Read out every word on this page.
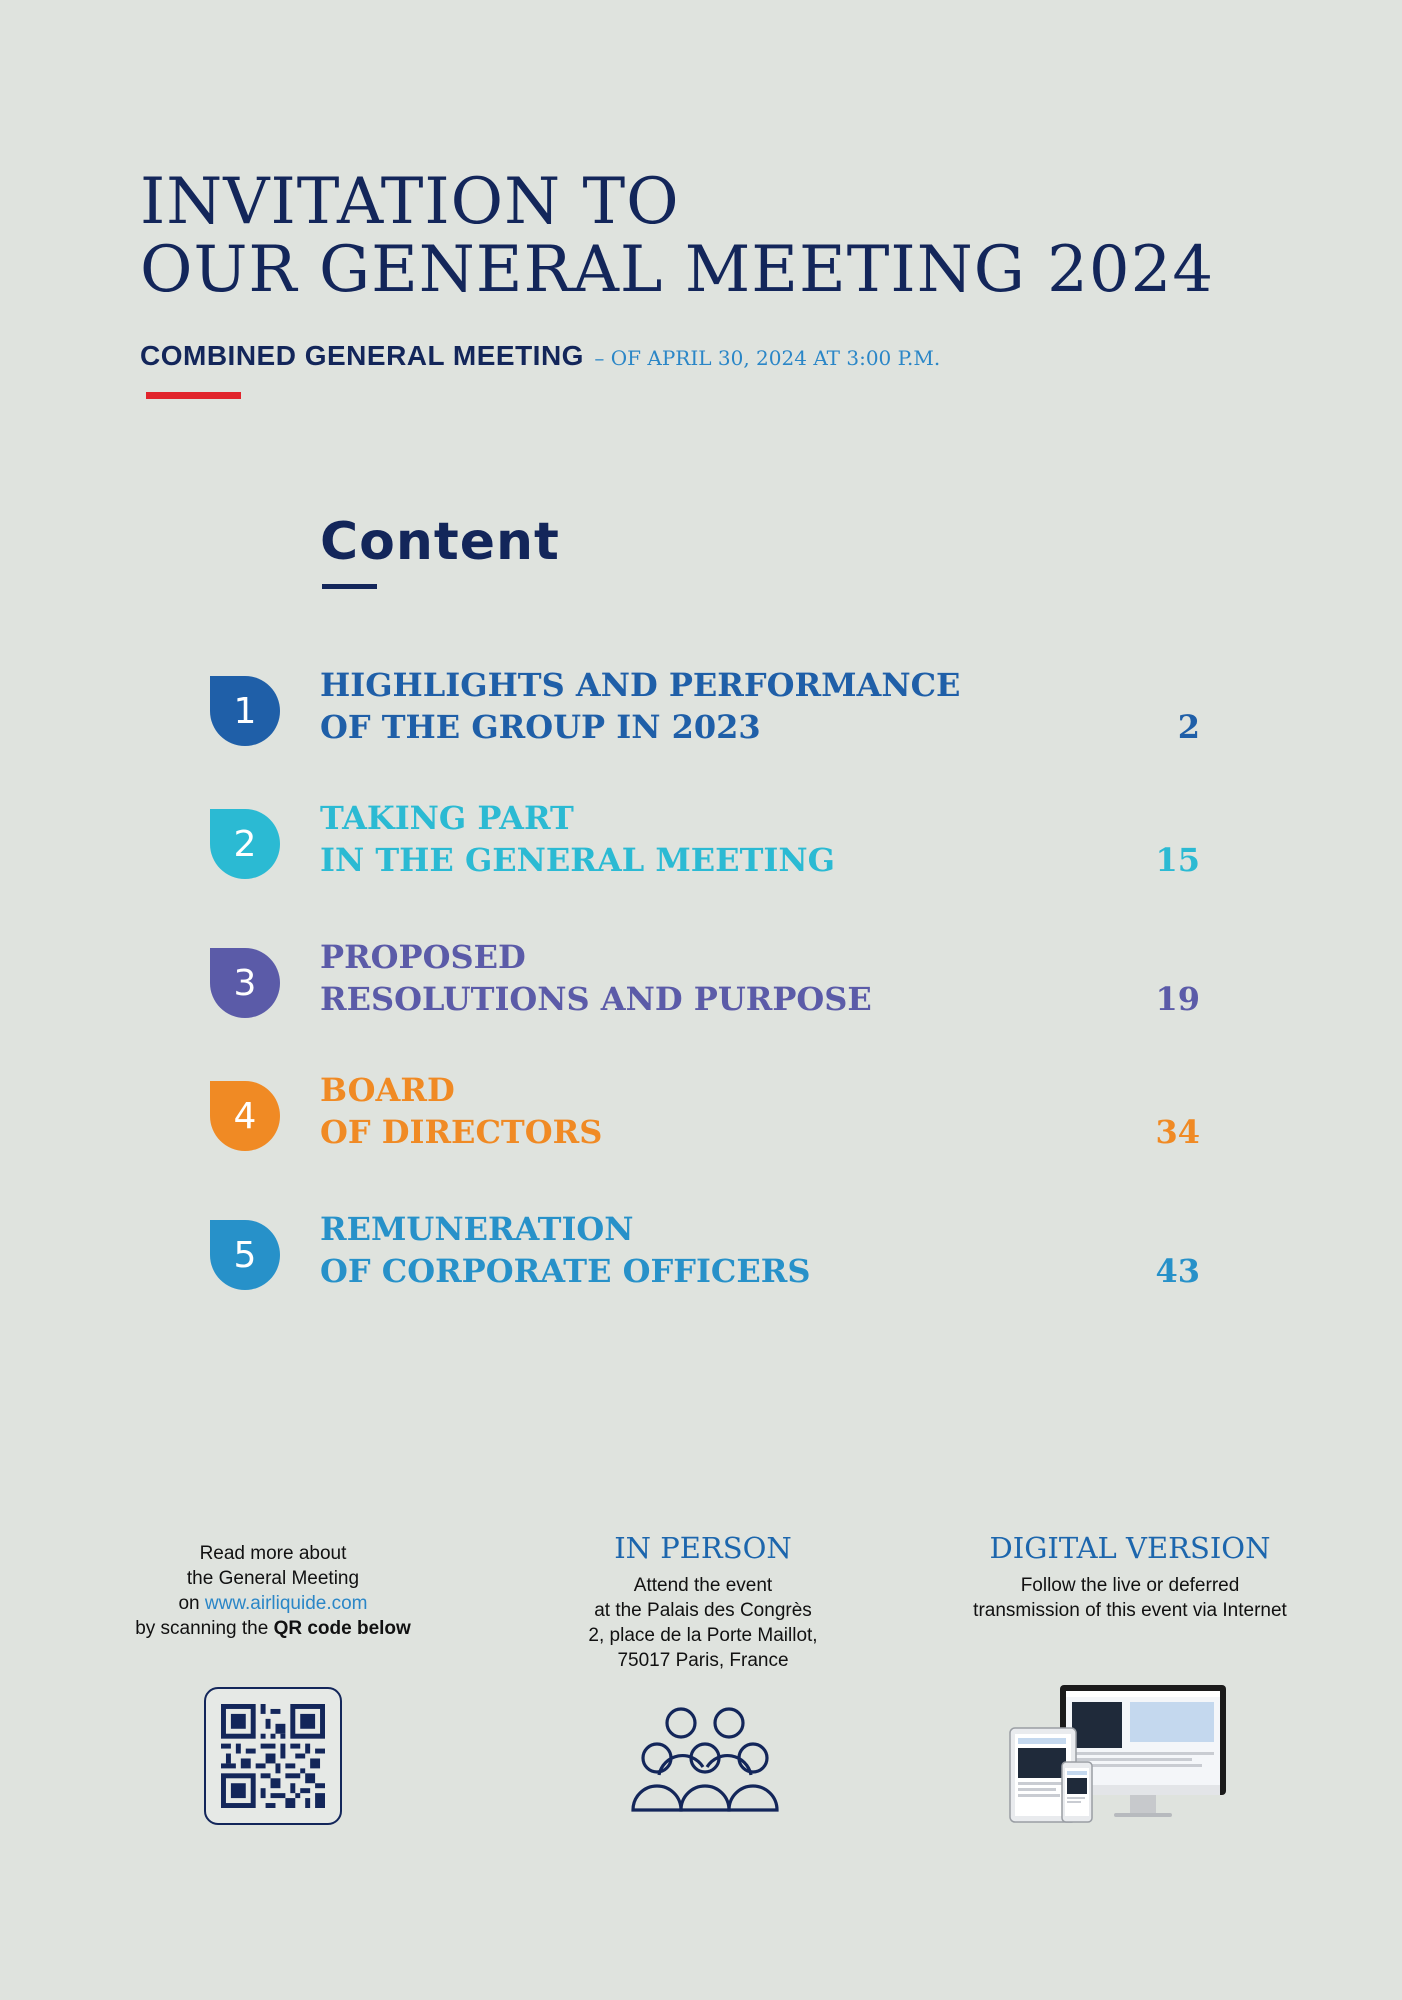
INVITATION TO
OUR GENERAL MEETING 2024
COMBINED GENERAL MEETING – OF APRIL 30, 2024 AT 3:00 P.M.
Content
1
HIGHLIGHTS AND PERFORMANCE
OF THE GROUP IN 2023	2
2
TAKING PART
IN THE GENERAL MEETING	15
3
PROPOSED
RESOLUTIONS AND PURPOSE	19
4
BOARD
OF DIRECTORS	34
5
REMUNERATION
OF CORPORATE OFFICERS	43

Read more about

the General Meeting

on www.airliquide.com

by scanning the QR code below

IN PERSON

Attend the event

at the Palais des Congrès

2, place de la Porte Maillot,

75017 Paris, France

DIGITAL VERSION

Follow the live or deferred

transmission of this event via Internet
